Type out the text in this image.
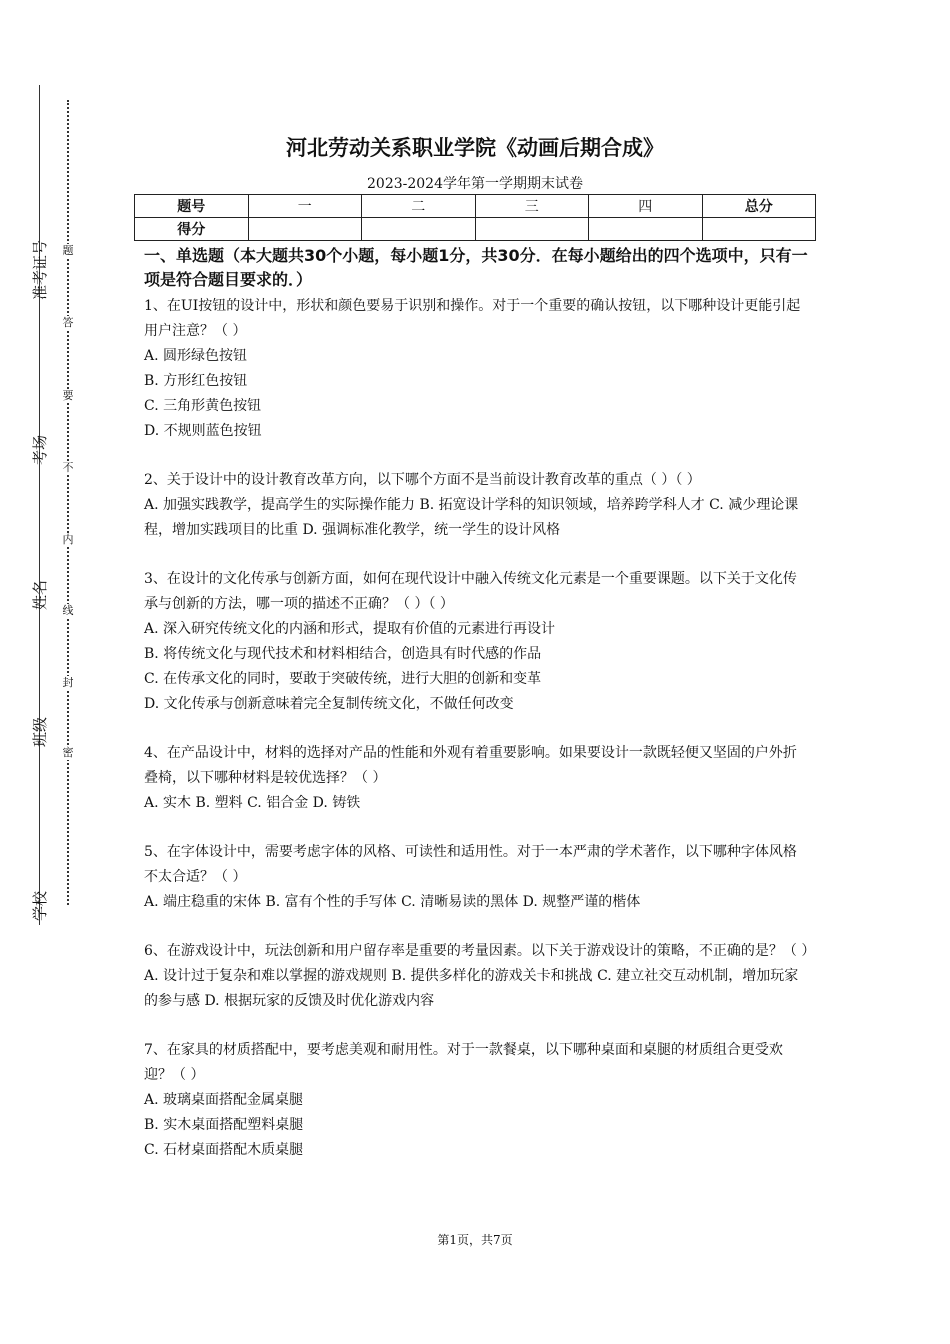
准考证号
考场
姓名
班级
学校
题
答
要
不
内
线
封
密
河北劳动关系职业学院《动画后期合成》
2023-2024学年第一学期期末试卷
题号	一	二	三	四	总分
得分					

一、单选题（本大题共30个小题，每小题1分，共30分．在每小题给出的四个选项中，只有一项是符合题目要求的．）

1、在UI按钮的设计中，形状和颜色要易于识别和操作。对于一个重要的确认按钮，以下哪种设计更能引起用户注意？（ ）

A. 圆形绿色按钮

B. 方形红色按钮

C. 三角形黄色按钮

D. 不规则蓝色按钮

2、关于设计中的设计教育改革方向，以下哪个方面不是当前设计教育改革的重点（ ）（ ）

A. 加强实践教学，提高学生的实际操作能力 B. 拓宽设计学科的知识领域，培养跨学科人才 C. 减少理论课程，增加实践项目的比重 D. 强调标准化教学，统一学生的设计风格

3、在设计的文化传承与创新方面，如何在现代设计中融入传统文化元素是一个重要课题。以下关于文化传承与创新的方法，哪一项的描述不正确？（ ）（ ）

A. 深入研究传统文化的内涵和形式，提取有价值的元素进行再设计

B. 将传统文化与现代技术和材料相结合，创造具有时代感的作品

C. 在传承文化的同时，要敢于突破传统，进行大胆的创新和变革

D. 文化传承与创新意味着完全复制传统文化，不做任何改变

4、在产品设计中，材料的选择对产品的性能和外观有着重要影响。如果要设计一款既轻便又坚固的户外折叠椅，以下哪种材料是较优选择？（ ）

A. 实木 B. 塑料 C. 铝合金 D. 铸铁

5、在字体设计中，需要考虑字体的风格、可读性和适用性。对于一本严肃的学术著作，以下哪种字体风格不太合适？（ ）

A. 端庄稳重的宋体 B. 富有个性的手写体 C. 清晰易读的黑体 D. 规整严谨的楷体

6、在游戏设计中，玩法创新和用户留存率是重要的考量因素。以下关于游戏设计的策略，不正确的是？（ ）

A. 设计过于复杂和难以掌握的游戏规则 B. 提供多样化的游戏关卡和挑战 C. 建立社交互动机制，增加玩家的参与感 D. 根据玩家的反馈及时优化游戏内容

7、在家具的材质搭配中，要考虑美观和耐用性。对于一款餐桌，以下哪种桌面和桌腿的材质组合更受欢迎？（ ）

A. 玻璃桌面搭配金属桌腿

B. 实木桌面搭配塑料桌腿

C. 石材桌面搭配木质桌腿

第1页，共7页
